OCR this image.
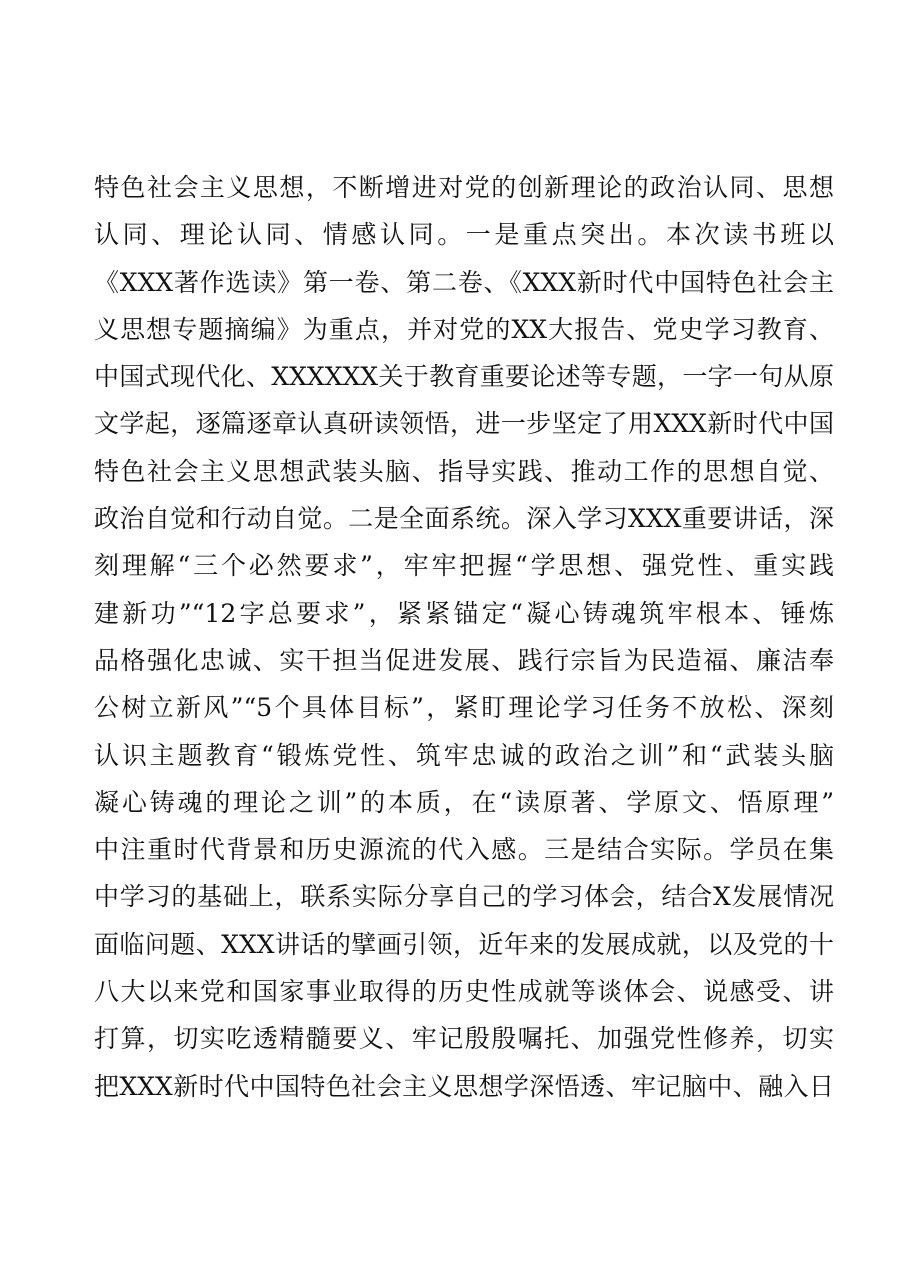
特色社会主义思想，不断增进对党的创新理论的政治认同、思想
认同、理论认同、情感认同。一是重点突出。本次读书班以
《XXX著作选读》第一卷、第二卷、《XXX新时代中国特色社会主
义思想专题摘编》为重点，并对党的XX大报告、党史学习教育、
中国式现代化、XXXXXX关于教育重要论述等专题，一字一句从原
文学起，逐篇逐章认真研读领悟，进一步坚定了用XXX新时代中国
特色社会主义思想武装头脑、指导实践、推动工作的思想自觉、
政治自觉和行动自觉。二是全面系统。深入学习XXX重要讲话，深
刻理解“三个必然要求”，牢牢把握“学思想、强党性、重实践
建新功”“12字总要求”，紧紧锚定“凝心铸魂筑牢根本、锤炼
品格强化忠诚、实干担当促进发展、践行宗旨为民造福、廉洁奉
公树立新风”“5个具体目标”，紧盯理论学习任务不放松、深刻
认识主题教育“锻炼党性、筑牢忠诚的政治之训”和“武装头脑
凝心铸魂的理论之训”的本质，在“读原著、学原文、悟原理”
中注重时代背景和历史源流的代入感。三是结合实际。学员在集
中学习的基础上，联系实际分享自己的学习体会，结合X发展情况
面临问题、XXX讲话的擘画引领，近年来的发展成就，以及党的十
八大以来党和国家事业取得的历史性成就等谈体会、说感受、讲
打算，切实吃透精髓要义、牢记殷殷嘱托、加强党性修养，切实
把XXX新时代中国特色社会主义思想学深悟透、牢记脑中、融入日
